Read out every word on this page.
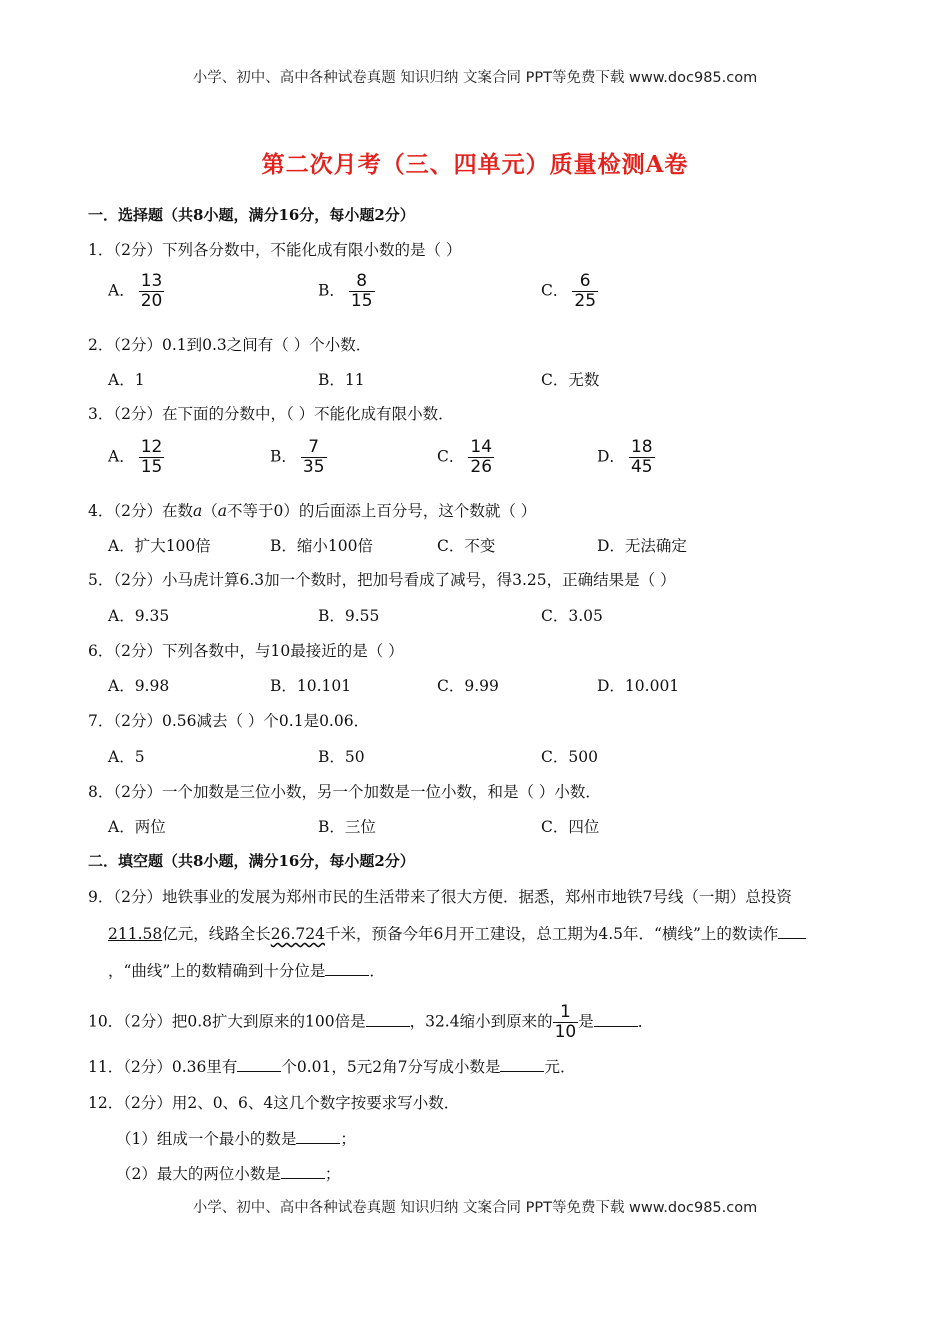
小学、初中、高中各种试卷真题 知识归纳 文案合同 PPT等免费下载 www.doc985.com
第二次月考（三、四单元）质量检测A卷
一．选择题（共8小题，满分16分，每小题2分）
1．（2分）下列各分数中，不能化成有限小数的是（ ）
A． $\frac{13}{20}$	B． $\frac{8}{15}$	C． $\frac{6}{25}$
2．（2分）0.1到0.3之间有（ ）个小数．
A．1	B．11	C．无数
3．（2分）在下面的分数中，（ ）不能化成有限小数．
A． $\frac{12}{15}$	B． $\frac{7}{35}$	C． $\frac{14}{26}$	D． $\frac{18}{45}$
4．（2分）在数a（a不等于0）的后面添上百分号，这个数就（ ）
A．扩大100倍	B．缩小100倍	C．不变	D．无法确定
5．（2分）小马虎计算6.3加一个数时，把加号看成了减号，得3.25，正确结果是（ ）
A．9.35	B．9.55	C．3.05
6．（2分）下列各数中，与10最接近的是（ ）
A．9.98	B．10.101	C．9.99	D．10.001
7．（2分）0.56减去（ ）个0.1是0.06．
A．5	B．50	C．500
8．（2分）一个加数是三位小数，另一个加数是一位小数，和是（ ）小数．
A．两位	B．三位	C．四位
二．填空题（共8小题，满分16分，每小题2分）
9．（2分）地铁事业的发展为郑州市民的生活带来了很大方便．据悉，郑州市地铁7号线（一期）总投资
211.58亿元，线路全长26.724千米，预备今年6月开工建设，总工期为4.5年．“横线”上的数读作
，“曲线”上的数精确到十分位是	．
10．（2分）把0.8扩大到原来的100倍是	，32.4缩小到原来的 $\frac{1}{10}$ 是	．
11．（2分）0.36里有	个0.01，5元2角7分写成小数是	元．
12．（2分）用2、0、6、4这几个数字按要求写小数．
（1）组成一个最小的数是	；
（2）最大的两位小数是	；
小学、初中、高中各种试卷真题 知识归纳 文案合同 PPT等免费下载 www.doc985.com
